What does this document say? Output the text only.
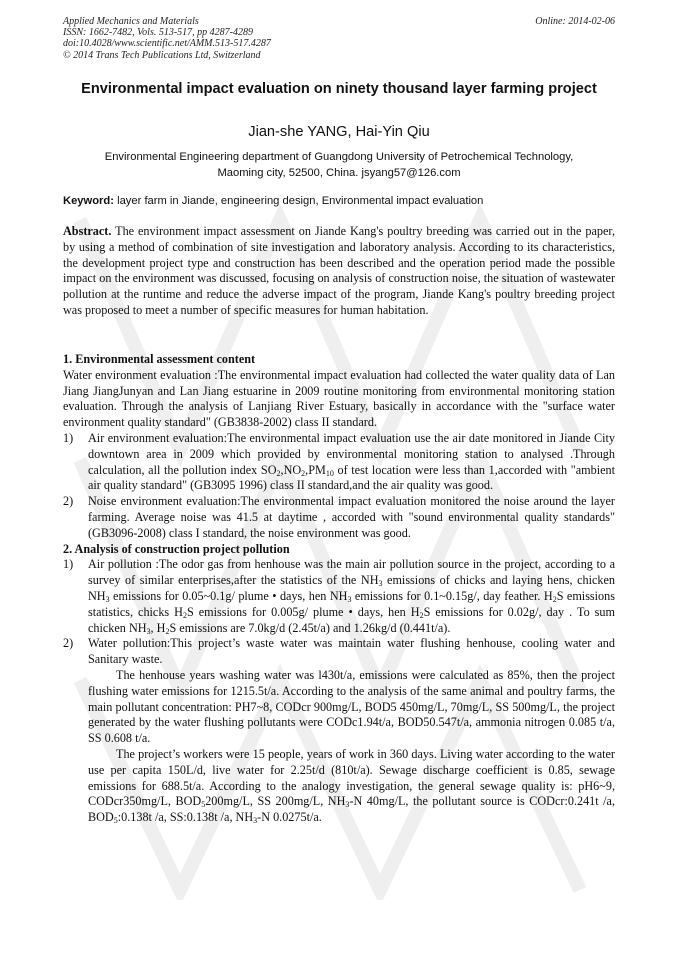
Applied Mechanics and Materials
ISSN: 1662-7482, Vols. 513-517, pp 4287-4289
doi:10.4028/www.scientific.net/AMM.513-517.4287
© 2014 Trans Tech Publications Ltd, Switzerland
Online: 2014-02-06
Environmental impact evaluation on ninety thousand layer farming project
Jian-she YANG, Hai-Yin Qiu
Environmental Engineering department of Guangdong University of Petrochemical Technology,
Maoming city, 52500, China. jsyang57@126.com
Keyword: layer farm in Jiande, engineering design, Environmental impact evaluation
Abstract. The environment impact assessment on Jiande Kang's poultry breeding was carried out in the paper, by using a method of combination of site investigation and laboratory analysis. According to its characteristics, the development project type and construction has been described and the operation period made the possible impact on the environment was discussed, focusing on analysis of construction noise, the situation of wastewater pollution at the runtime and reduce the adverse impact of the program, Jiande Kang's poultry breeding project was proposed to meet a number of specific measures for human habitation.
1. Environmental assessment content

Water environment evaluation :The environmental impact evaluation had collected the water quality data of Lan Jiang JiangJunyan and Lan Jiang estuarine in 2009 routine monitoring from environmental monitoring station evaluation. Through the analysis of Lanjiang River Estuary, basically in accordance with the "surface water environment quality standard" (GB3838-2002) class II standard.

1) Air environment evaluation:The environmental impact evaluation use the air date monitored in Jiande City downtown area in 2009 which provided by environmental monitoring station to analysed .Through calculation, all the pollution index $SO_2,NO_2,PM_{10}$ of test location were less than 1,accorded with "ambient air quality standard" (GB3095 1996) class II standard,and the air quality was good.
2) Noise environment evaluation:The environmental impact evaluation monitored the noise around the layer farming. Average noise was 41.5 at daytime , accorded with "sound environmental quality standards" (GB3096-2008) class I standard, the noise environment was good.
2. Analysis of construction project pollution
1) Air pollution :The odor gas from henhouse was the main air pollution source in the project, according to a survey of similar enterprises,after the statistics of the $NH_3$ emissions of chicks and laying hens, chicken $NH_3$ emissions for 0.05~0.1g/ plume • days, hen $NH_3$ emissions for 0.1~0.15g/, day feather. $H_2S$ emissions statistics, chicks $H_2S$ emissions for 0.005g/ plume • days, hen $H_2S$ emissions for 0.02g/, day . To sum chicken $NH_3$, $H_2S$ emissions are 7.0kg/d (2.45t/a) and 1.26kg/d (0.441t/a).
2) Water pollution:This project’s waste water was maintain water flushing henhouse, cooling water and Sanitary waste.

The henhouse years washing water was l430t/a, emissions were calculated as 85%, then the project flushing water emissions for 1215.5t/a. According to the analysis of the same animal and poultry farms, the main pollutant concentration: PH7~8, CODcr 900mg/L, BOD5 450mg/L, 70mg/L, SS 500mg/L, the project generated by the water flushing pollutants were CODc1.94t/a, BOD50.547t/a, ammonia nitrogen 0.085 t/a, SS 0.608 t/a.

The project’s workers were 15 people, years of work in 360 days. Living water according to the water use per capita 150L/d, live water for 2.25t/d (810t/a). Sewage discharge coefficient is 0.85, sewage emissions for 688.5t/a. According to the analogy investigation, the general sewage quality is: pH6~9, CODcr350mg/L, $BOD_5200mg/L$, SS 200mg/L, $NH_3-N$ 40mg/L, the pollutant source is CODcr:0.241t /a, $BOD_5:0.138t$ /a, SS:0.138t /a, $NH_3-N$ 0.0275t/a.
